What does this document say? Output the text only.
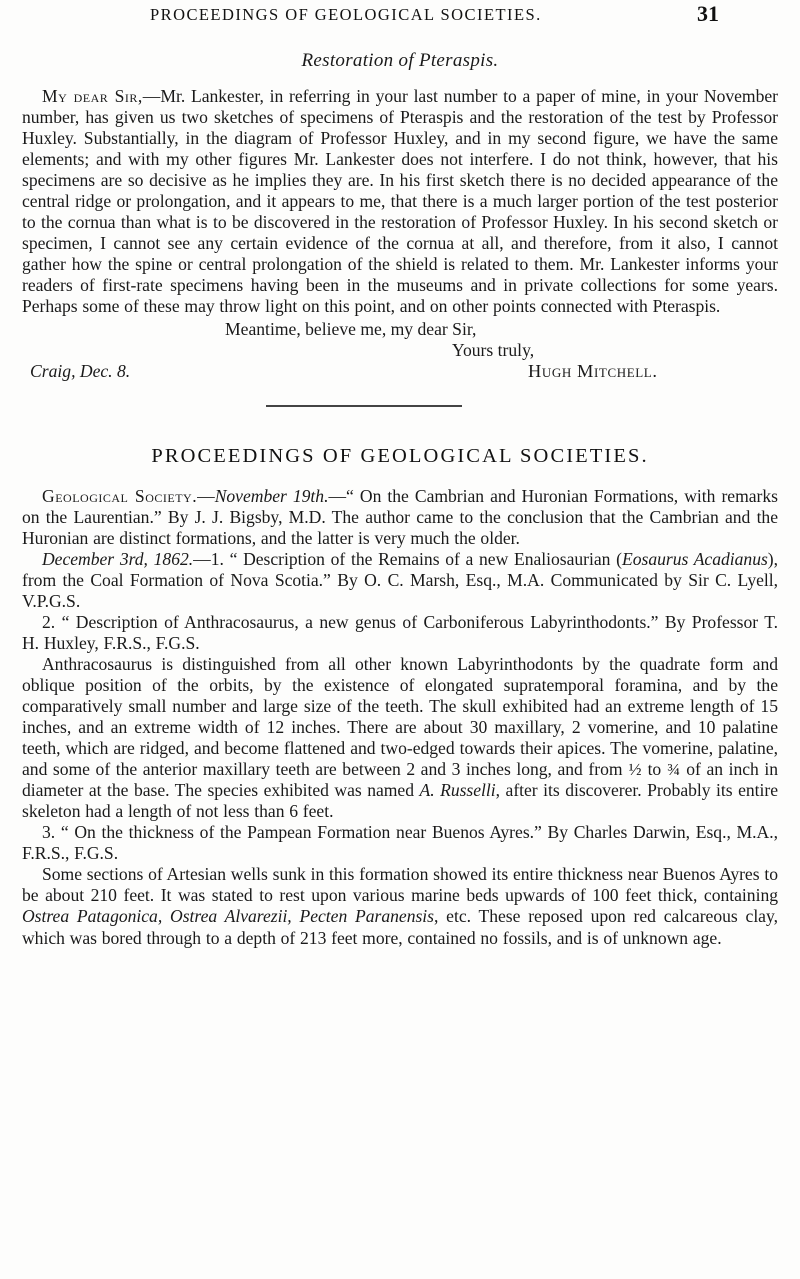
PROCEEDINGS OF GEOLOGICAL SOCIETIES.	31
Restoration of Pteraspis.

My dear Sir,—Mr. Lankester, in referring in your last number to a paper of mine, in your November number, has given us two sketches of specimens of Pteraspis and the restoration of the test by Professor Huxley. Substantially, in the diagram of Professor Huxley, and in my second figure, we have the same elements; and with my other figures Mr. Lankester does not interfere. I do not think, however, that his specimens are so decisive as he implies they are. In his first sketch there is no decided appearance of the central ridge or prolongation, and it appears to me, that there is a much larger portion of the test posterior to the cornua than what is to be discovered in the restoration of Professor Huxley. In his second sketch or specimen, I cannot see any certain evidence of the cornua at all, and therefore, from it also, I cannot gather how the spine or central prolongation of the shield is related to them. Mr. Lankester informs your readers of first-rate specimens having been in the museums and in private collections for some years. Perhaps some of these may throw light on this point, and on other points connected with Pteraspis.

Meantime, believe me, my dear Sir,
Yours truly,
Hugh Mitchell.
Craig, Dec. 8.
PROCEEDINGS OF GEOLOGICAL SOCIETIES.

Geological Society.—November 19th.—“ On the Cambrian and Huronian Formations, with remarks on the Laurentian.” By J. J. Bigsby, M.D. The author came to the conclusion that the Cambrian and the Huronian are distinct formations, and the latter is very much the older.

December 3rd, 1862.—1. “ Description of the Remains of a new Enaliosaurian (Eosaurus Acadianus), from the Coal Formation of Nova Scotia.” By O. C. Marsh, Esq., M.A. Communicated by Sir C. Lyell, V.P.G.S.

2. “ Description of Anthracosaurus, a new genus of Carboniferous Labyrinthodonts.” By Professor T. H. Huxley, F.R.S., F.G.S.

Anthracosaurus is distinguished from all other known Labyrinthodonts by the quadrate form and oblique position of the orbits, by the existence of elongated supratemporal foramina, and by the comparatively small number and large size of the teeth. The skull exhibited had an extreme length of 15 inches, and an extreme width of 12 inches. There are about 30 maxillary, 2 vomerine, and 10 palatine teeth, which are ridged, and become flattened and two-edged towards their apices. The vomerine, palatine, and some of the anterior maxillary teeth are between 2 and 3 inches long, and from ½ to ¾ of an inch in diameter at the base. The species exhibited was named A. Russelli, after its discoverer. Probably its entire skeleton had a length of not less than 6 feet.

3. “ On the thickness of the Pampean Formation near Buenos Ayres.” By Charles Darwin, Esq., M.A., F.R.S., F.G.S.

Some sections of Artesian wells sunk in this formation showed its entire thickness near Buenos Ayres to be about 210 feet. It was stated to rest upon various marine beds upwards of 100 feet thick, containing Ostrea Patagonica, Ostrea Alvarezii, Pecten Paranensis, etc. These reposed upon red calcareous clay, which was bored through to a depth of 213 feet more, contained no fossils, and is of unknown age.
